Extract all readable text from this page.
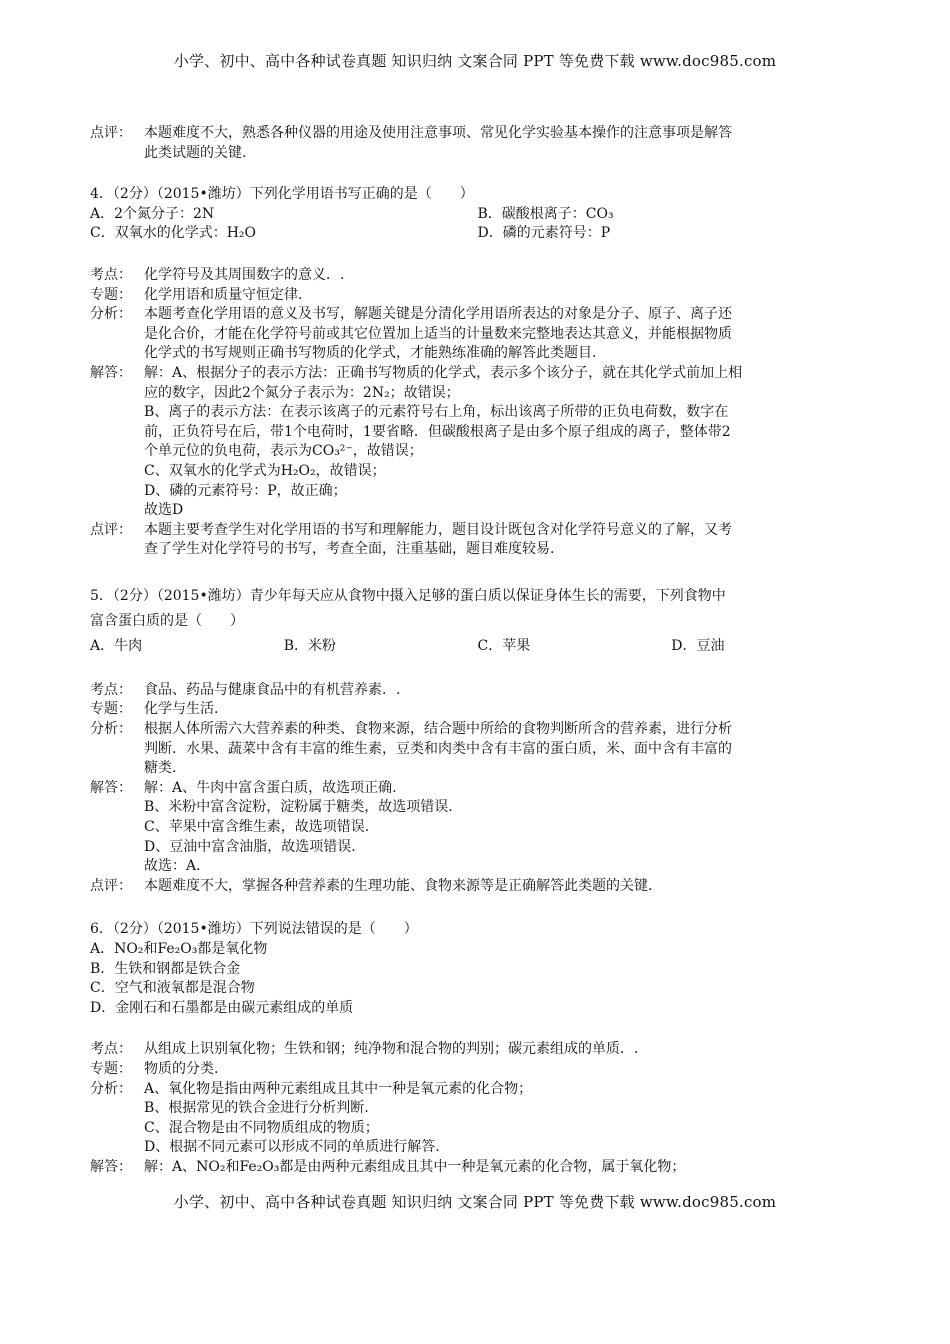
小学、初中、高中各种试卷真题 知识归纳 文案合同 PPT 等免费下载 www.doc985.com
点评： 本题难度不大，熟悉各种仪器的用途及使用注意事项、常见化学实验基本操作的注意事项是解答
此类试题的关键.
4．（2分）（2015•潍坊）下列化学用语书写正确的是（　　）
A．2个氮分子：2N	B．碳酸根离子：CO₃
C．双氧水的化学式：H₂O	D．磷的元素符号：P
考点： 化学符号及其周围数字的意义．.
专题： 化学用语和质量守恒定律.
分析： 本题考查化学用语的意义及书写，解题关键是分清化学用语所表达的对象是分子、原子、离子还
是化合价，才能在化学符号前或其它位置加上适当的计量数来完整地表达其意义，并能根据物质
化学式的书写规则正确书写物质的化学式，才能熟练准确的解答此类题目.
解答： 解：A、根据分子的表示方法：正确书写物质的化学式，表示多个该分子，就在其化学式前加上相
应的数字，因此2个氮分子表示为：2N₂；故错误；
B、离子的表示方法：在表示该离子的元素符号右上角，标出该离子所带的正负电荷数，数字在
前，正负符号在后，带1个电荷时，1要省略．但碳酸根离子是由多个原子组成的离子，整体带2
个单元位的负电荷，表示为CO₃²⁻，故错误；
C、双氧水的化学式为H₂O₂，故错误；
D、磷的元素符号：P，故正确；
故选D
点评： 本题主要考查学生对化学用语的书写和理解能力，题目设计既包含对化学符号意义的了解，又考
查了学生对化学符号的书写，考查全面，注重基础，题目难度较易.
5．（2分）（2015•潍坊）青少年每天应从食物中摄入足够的蛋白质以保证身体生长的需要，下列食物中
富含蛋白质的是（　　）
A．牛肉	B．米粉	C．苹果	D．豆油
考点： 食品、药品与健康食品中的有机营养素．.
专题： 化学与生活.
分析： 根据人体所需六大营养素的种类、食物来源，结合题中所给的食物判断所含的营养素，进行分析
判断．水果、蔬菜中含有丰富的维生素，豆类和肉类中含有丰富的蛋白质，米、面中含有丰富的
糖类.
解答： 解：A、牛肉中富含蛋白质，故选项正确.
B、米粉中富含淀粉，淀粉属于糖类，故选项错误.
C、苹果中富含维生素，故选项错误.
D、豆油中富含油脂，故选项错误.
故选：A.
点评： 本题难度不大，掌握各种营养素的生理功能、食物来源等是正确解答此类题的关键.
6．（2分）（2015•潍坊）下列说法错误的是（　　）
A．NO₂和Fe₂O₃都是氧化物
B．生铁和钢都是铁合金
C．空气和液氧都是混合物
D．金刚石和石墨都是由碳元素组成的单质
考点： 从组成上识别氧化物；生铁和钢；纯净物和混合物的判别；碳元素组成的单质．.
专题： 物质的分类.
分析： A、氧化物是指由两种元素组成且其中一种是氧元素的化合物；
B、根据常见的铁合金进行分析判断.
C、混合物是由不同物质组成的物质；
D、根据不同元素可以形成不同的单质进行解答.
解答： 解：A、NO₂和Fe₂O₃都是由两种元素组成且其中一种是氧元素的化合物，属于氧化物；
小学、初中、高中各种试卷真题 知识归纳 文案合同 PPT 等免费下载 www.doc985.com
